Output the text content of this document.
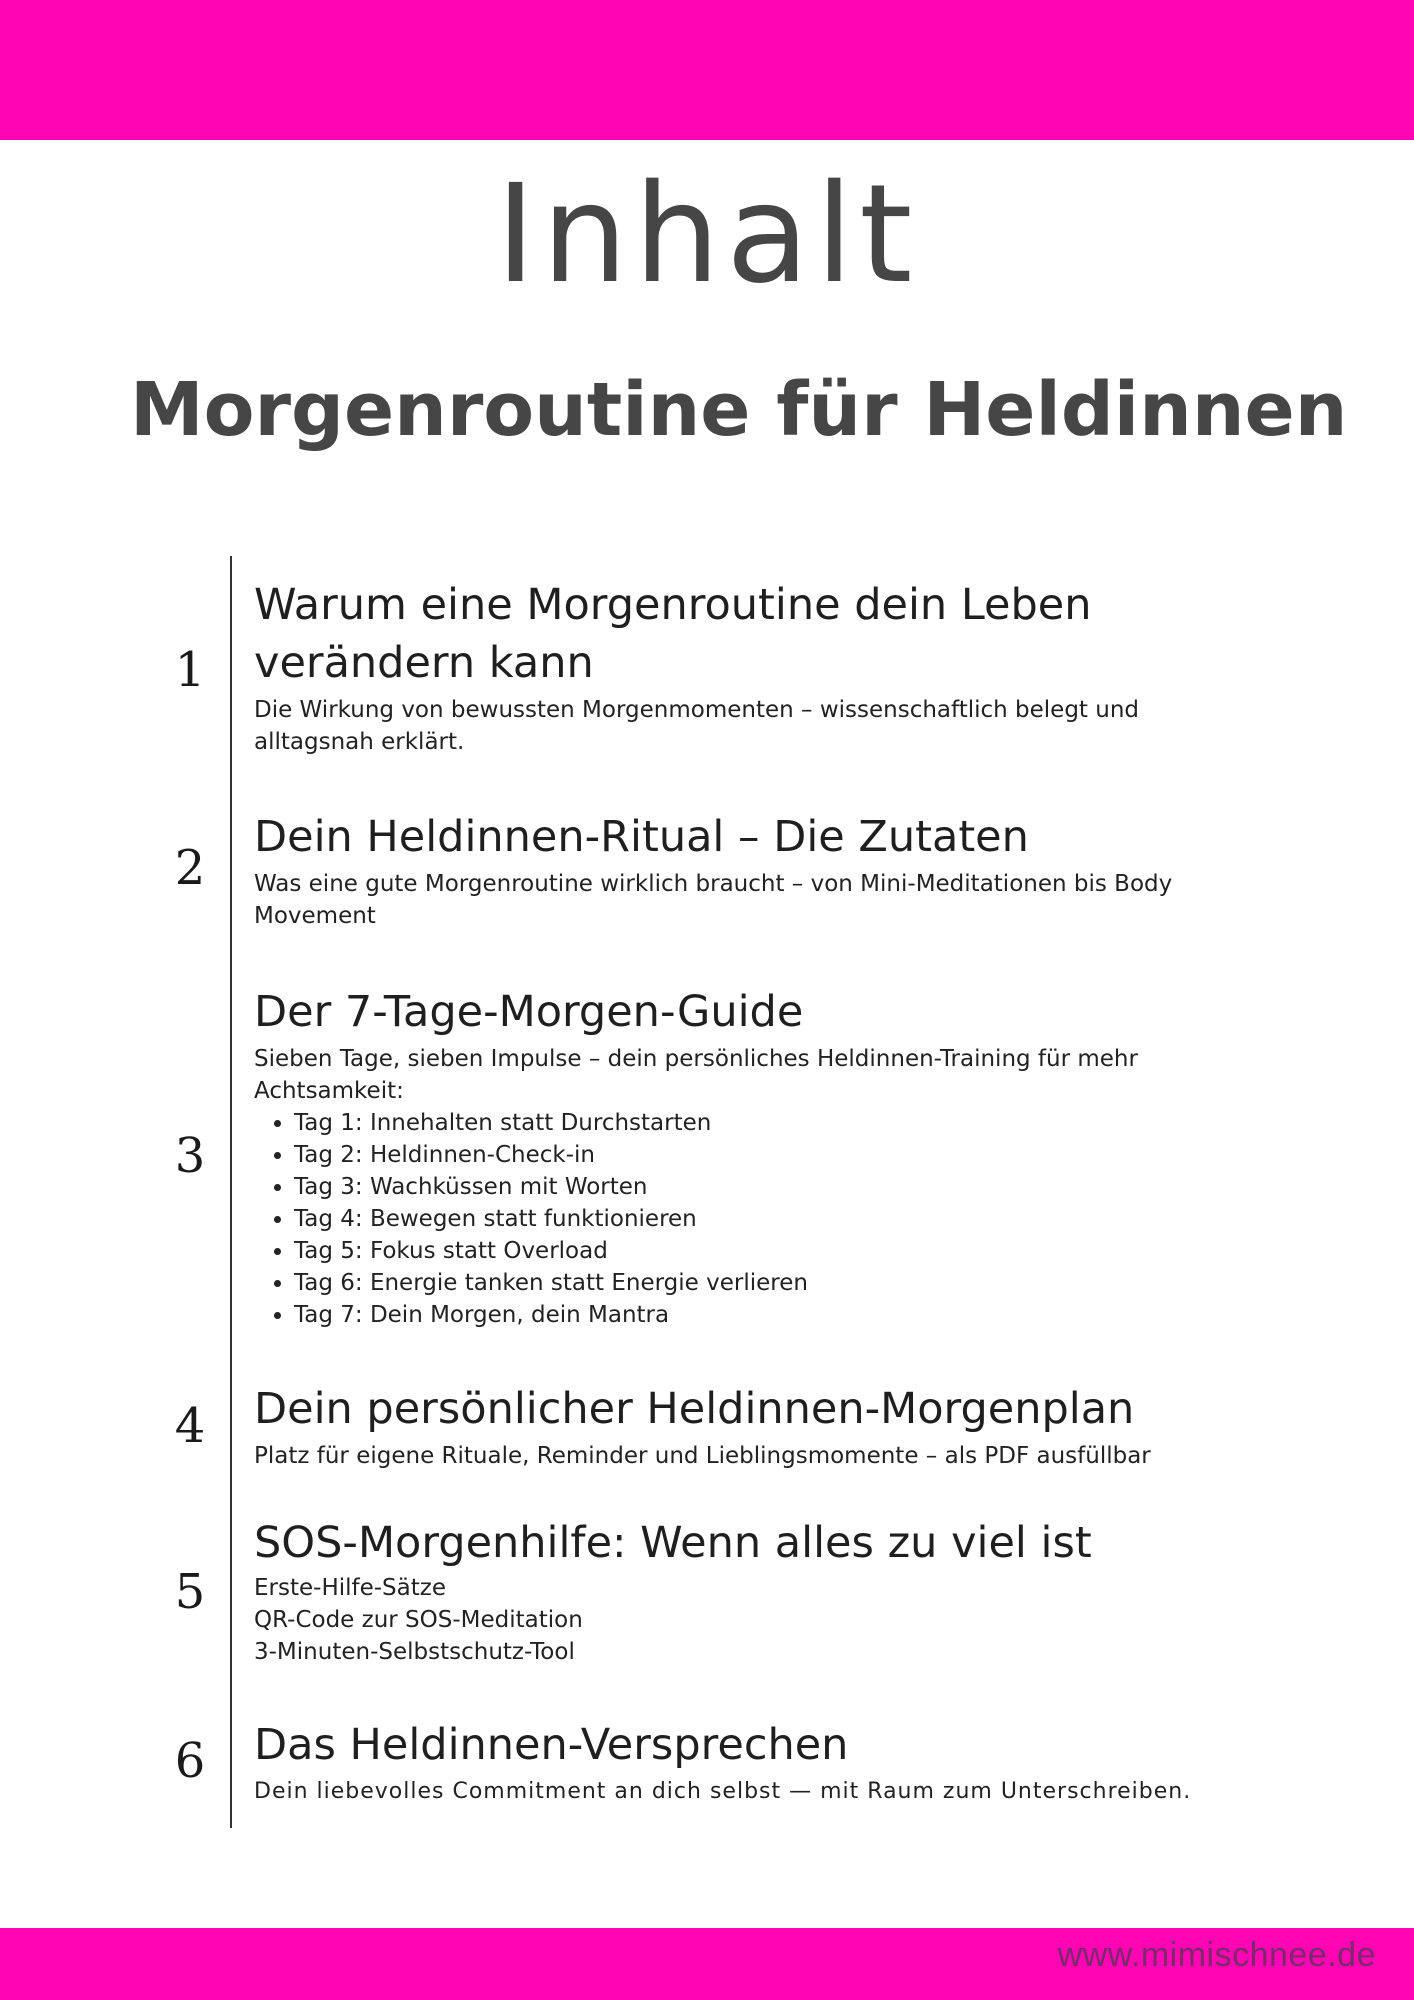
Inhalt
Morgenroutine für Heldinnen
1
Warum eine Morgenroutine dein Leben verändern kann

Die Wirkung von bewussten Morgenmomenten – wissenschaftlich belegt und alltagsnah erklärt.

2
Dein Heldinnen-Ritual – Die Zutaten

Was eine gute Morgenroutine wirklich braucht – von Mini-Meditationen bis Body Movement

3
Der 7-Tage-Morgen-Guide

Sieben Tage, sieben Impulse – dein persönliches Heldinnen-Training für mehr Achtsamkeit:

• Tag 1: Innehalten statt Durchstarten
• Tag 2: Heldinnen-Check-in
• Tag 3: Wachküssen mit Worten
• Tag 4: Bewegen statt funktionieren
• Tag 5: Fokus statt Overload
• Tag 6: Energie tanken statt Energie verlieren
• Tag 7: Dein Morgen, dein Mantra
4	Dein persönlicher Heldinnen-Morgenplan

Platz für eigene Rituale, Reminder und Lieblingsmomente – als PDF ausfüllbar

5
SOS-Morgenhilfe: Wenn alles zu viel ist

Erste-Hilfe-Sätze

QR-Code zur SOS-Meditation

3-Minuten-Selbstschutz-Tool

6	Das Heldinnen-Versprechen

Dein liebevolles Commitment an dich selbst — mit Raum zum Unterschreiben.

www.mimischnee.de
